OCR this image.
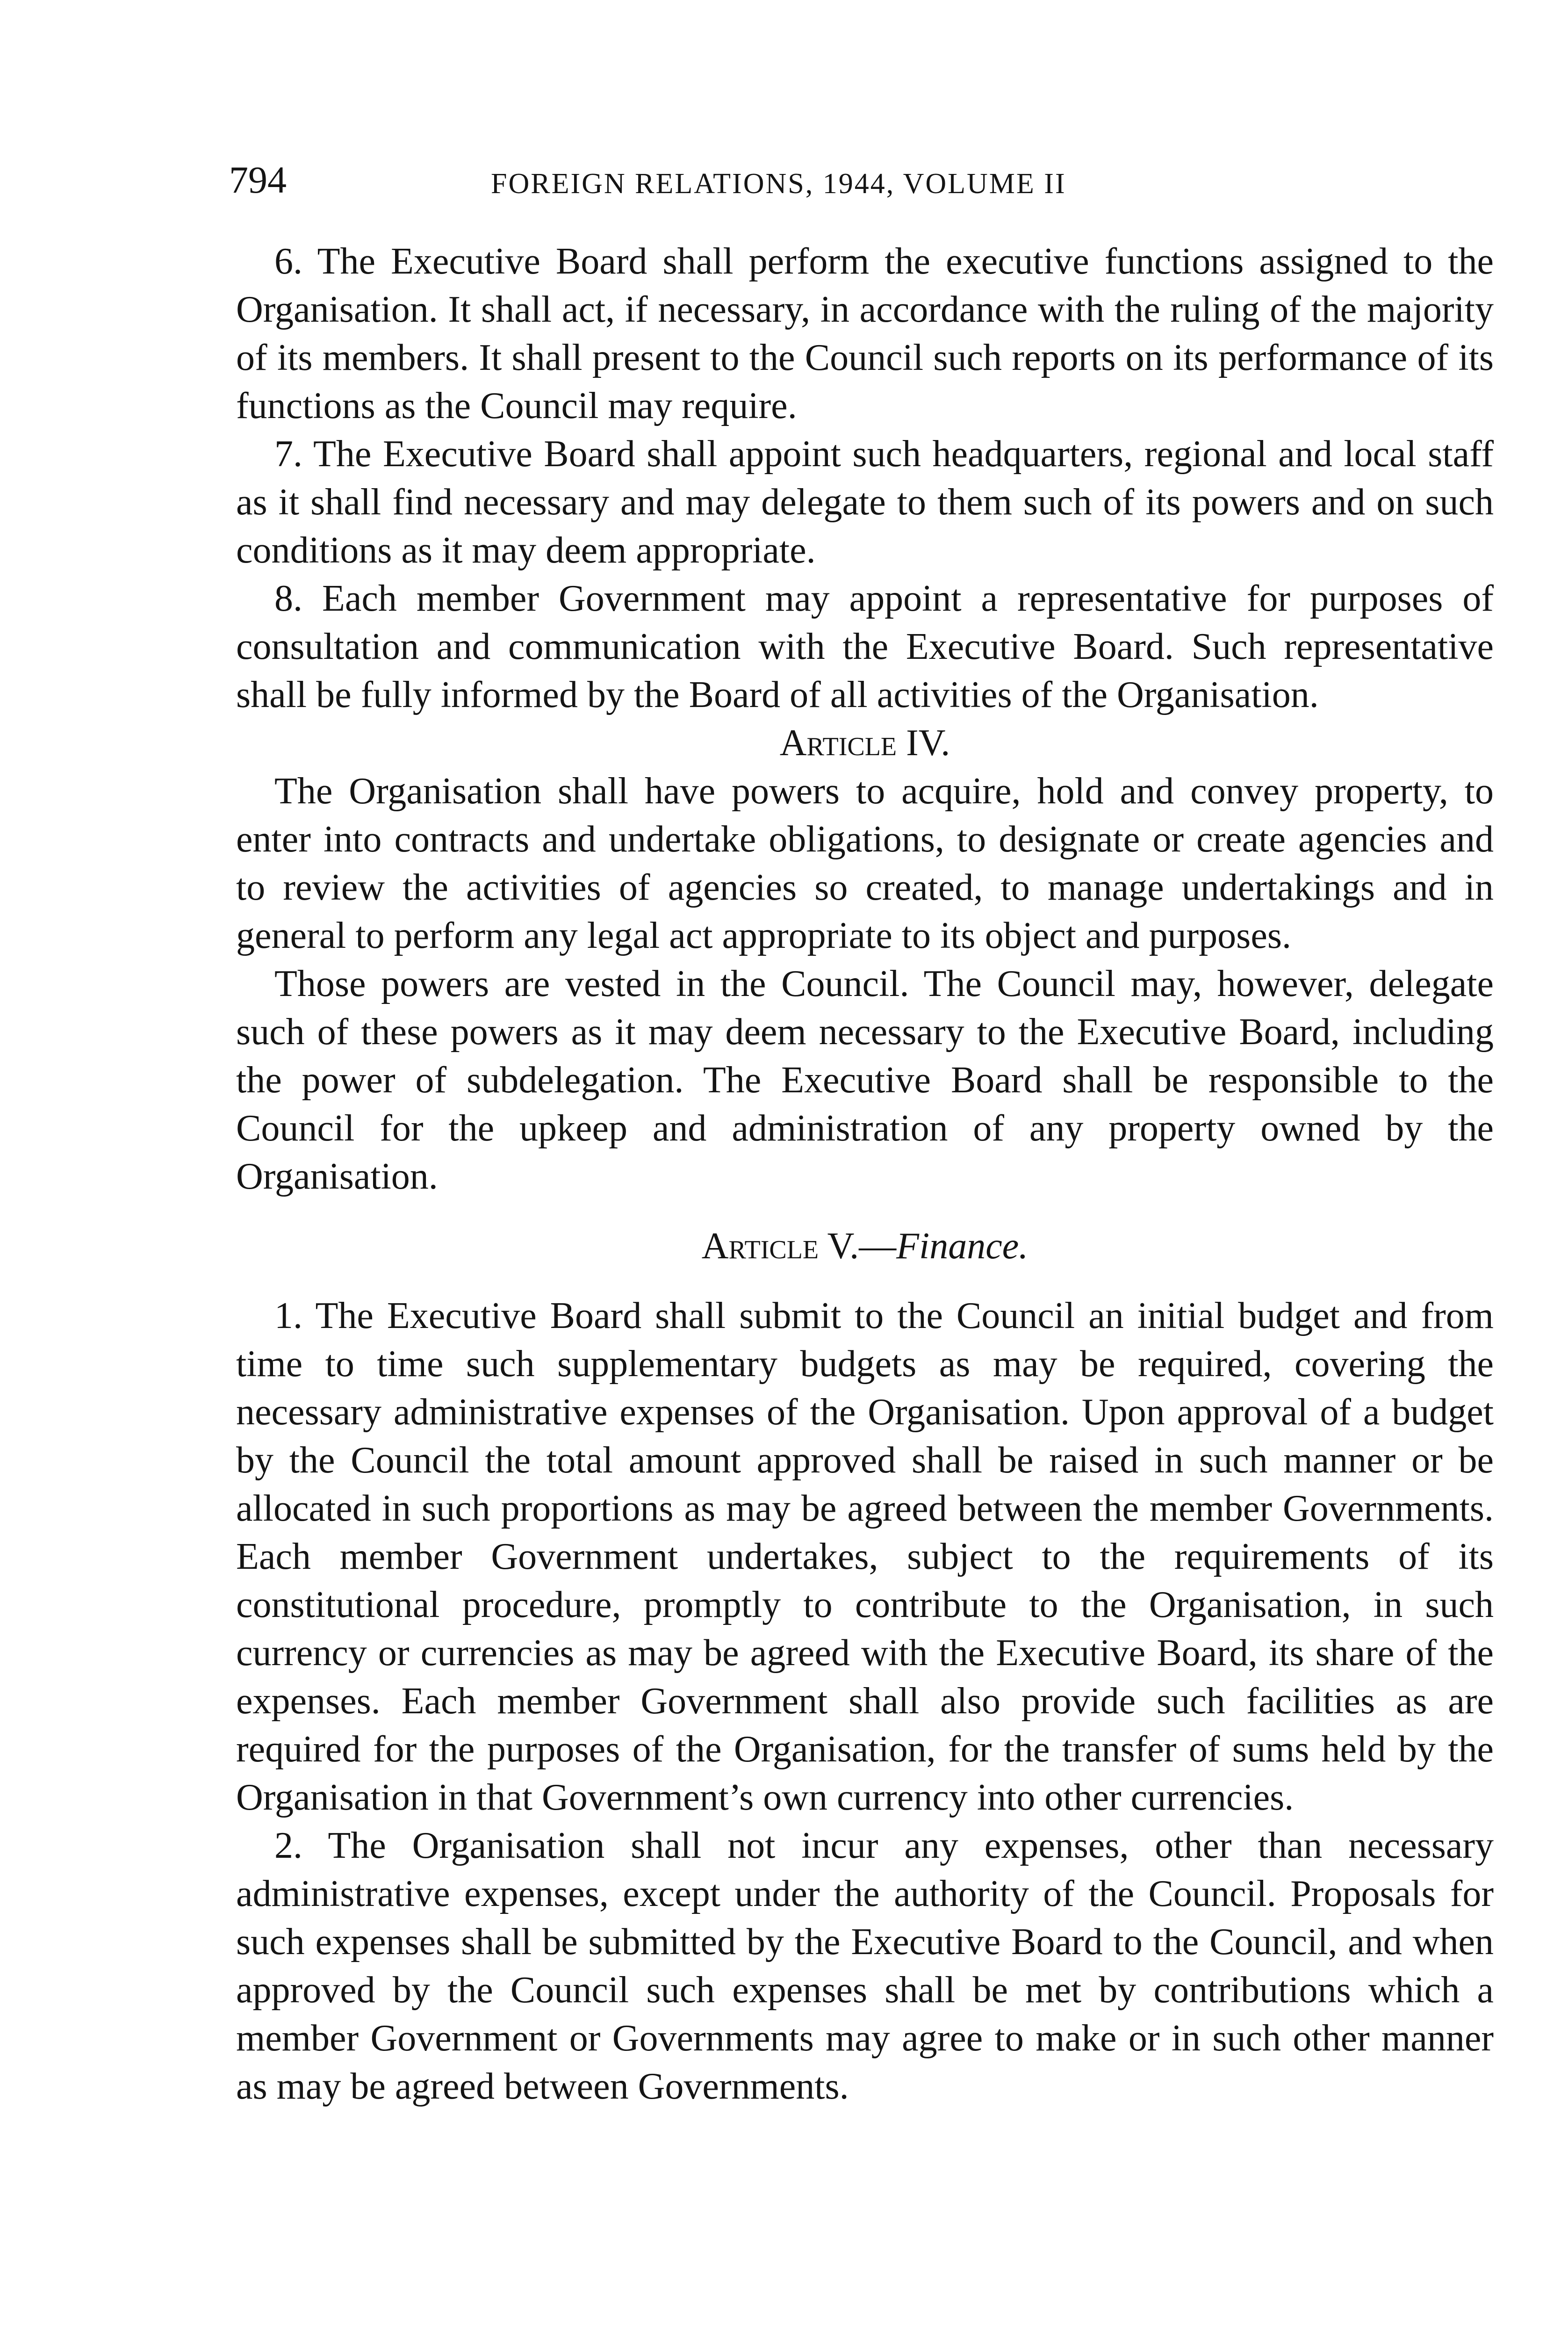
794	FOREIGN RELATIONS, 1944, VOLUME II

6. The Executive Board shall perform the executive functions assigned to the Organisation. It shall act, if necessary, in accordance with the ruling of the majority of its members. It shall present to the Council such reports on its performance of its functions as the Council may require.

7. The Executive Board shall appoint such headquarters, regional and local staff as it shall find necessary and may delegate to them such of its powers and on such conditions as it may deem appropriate.

8. Each member Government may appoint a representative for purposes of consultation and communication with the Executive Board. Such representative shall be fully informed by the Board of all activities of the Organisation.

Article IV.

The Organisation shall have powers to acquire, hold and convey property, to enter into contracts and undertake obligations, to designate or create agencies and to review the activities of agencies so created, to manage undertakings and in general to perform any legal act appropriate to its object and purposes.

Those powers are vested in the Council. The Council may, however, delegate such of these powers as it may deem necessary to the Executive Board, including the power of subdelegation. The Executive Board shall be responsible to the Council for the upkeep and administration of any property owned by the Organisation.

Article V.—Finance.

1. The Executive Board shall submit to the Council an initial budget and from time to time such supplementary budgets as may be required, covering the necessary administrative expenses of the Organisation. Upon approval of a budget by the Council the total amount approved shall be raised in such manner or be allocated in such proportions as may be agreed between the member Governments. Each member Government undertakes, subject to the requirements of its constitutional procedure, promptly to contribute to the Organisation, in such currency or currencies as may be agreed with the Executive Board, its share of the expenses. Each member Government shall also provide such facilities as are required for the purposes of the Organisation, for the transfer of sums held by the Organisation in that Government’s own currency into other currencies.

2. The Organisation shall not incur any expenses, other than necessary administrative expenses, except under the authority of the Council. Proposals for such expenses shall be submitted by the Executive Board to the Council, and when approved by the Council such expenses shall be met by contributions which a member Government or Governments may agree to make or in such other manner as may be agreed between Governments.
